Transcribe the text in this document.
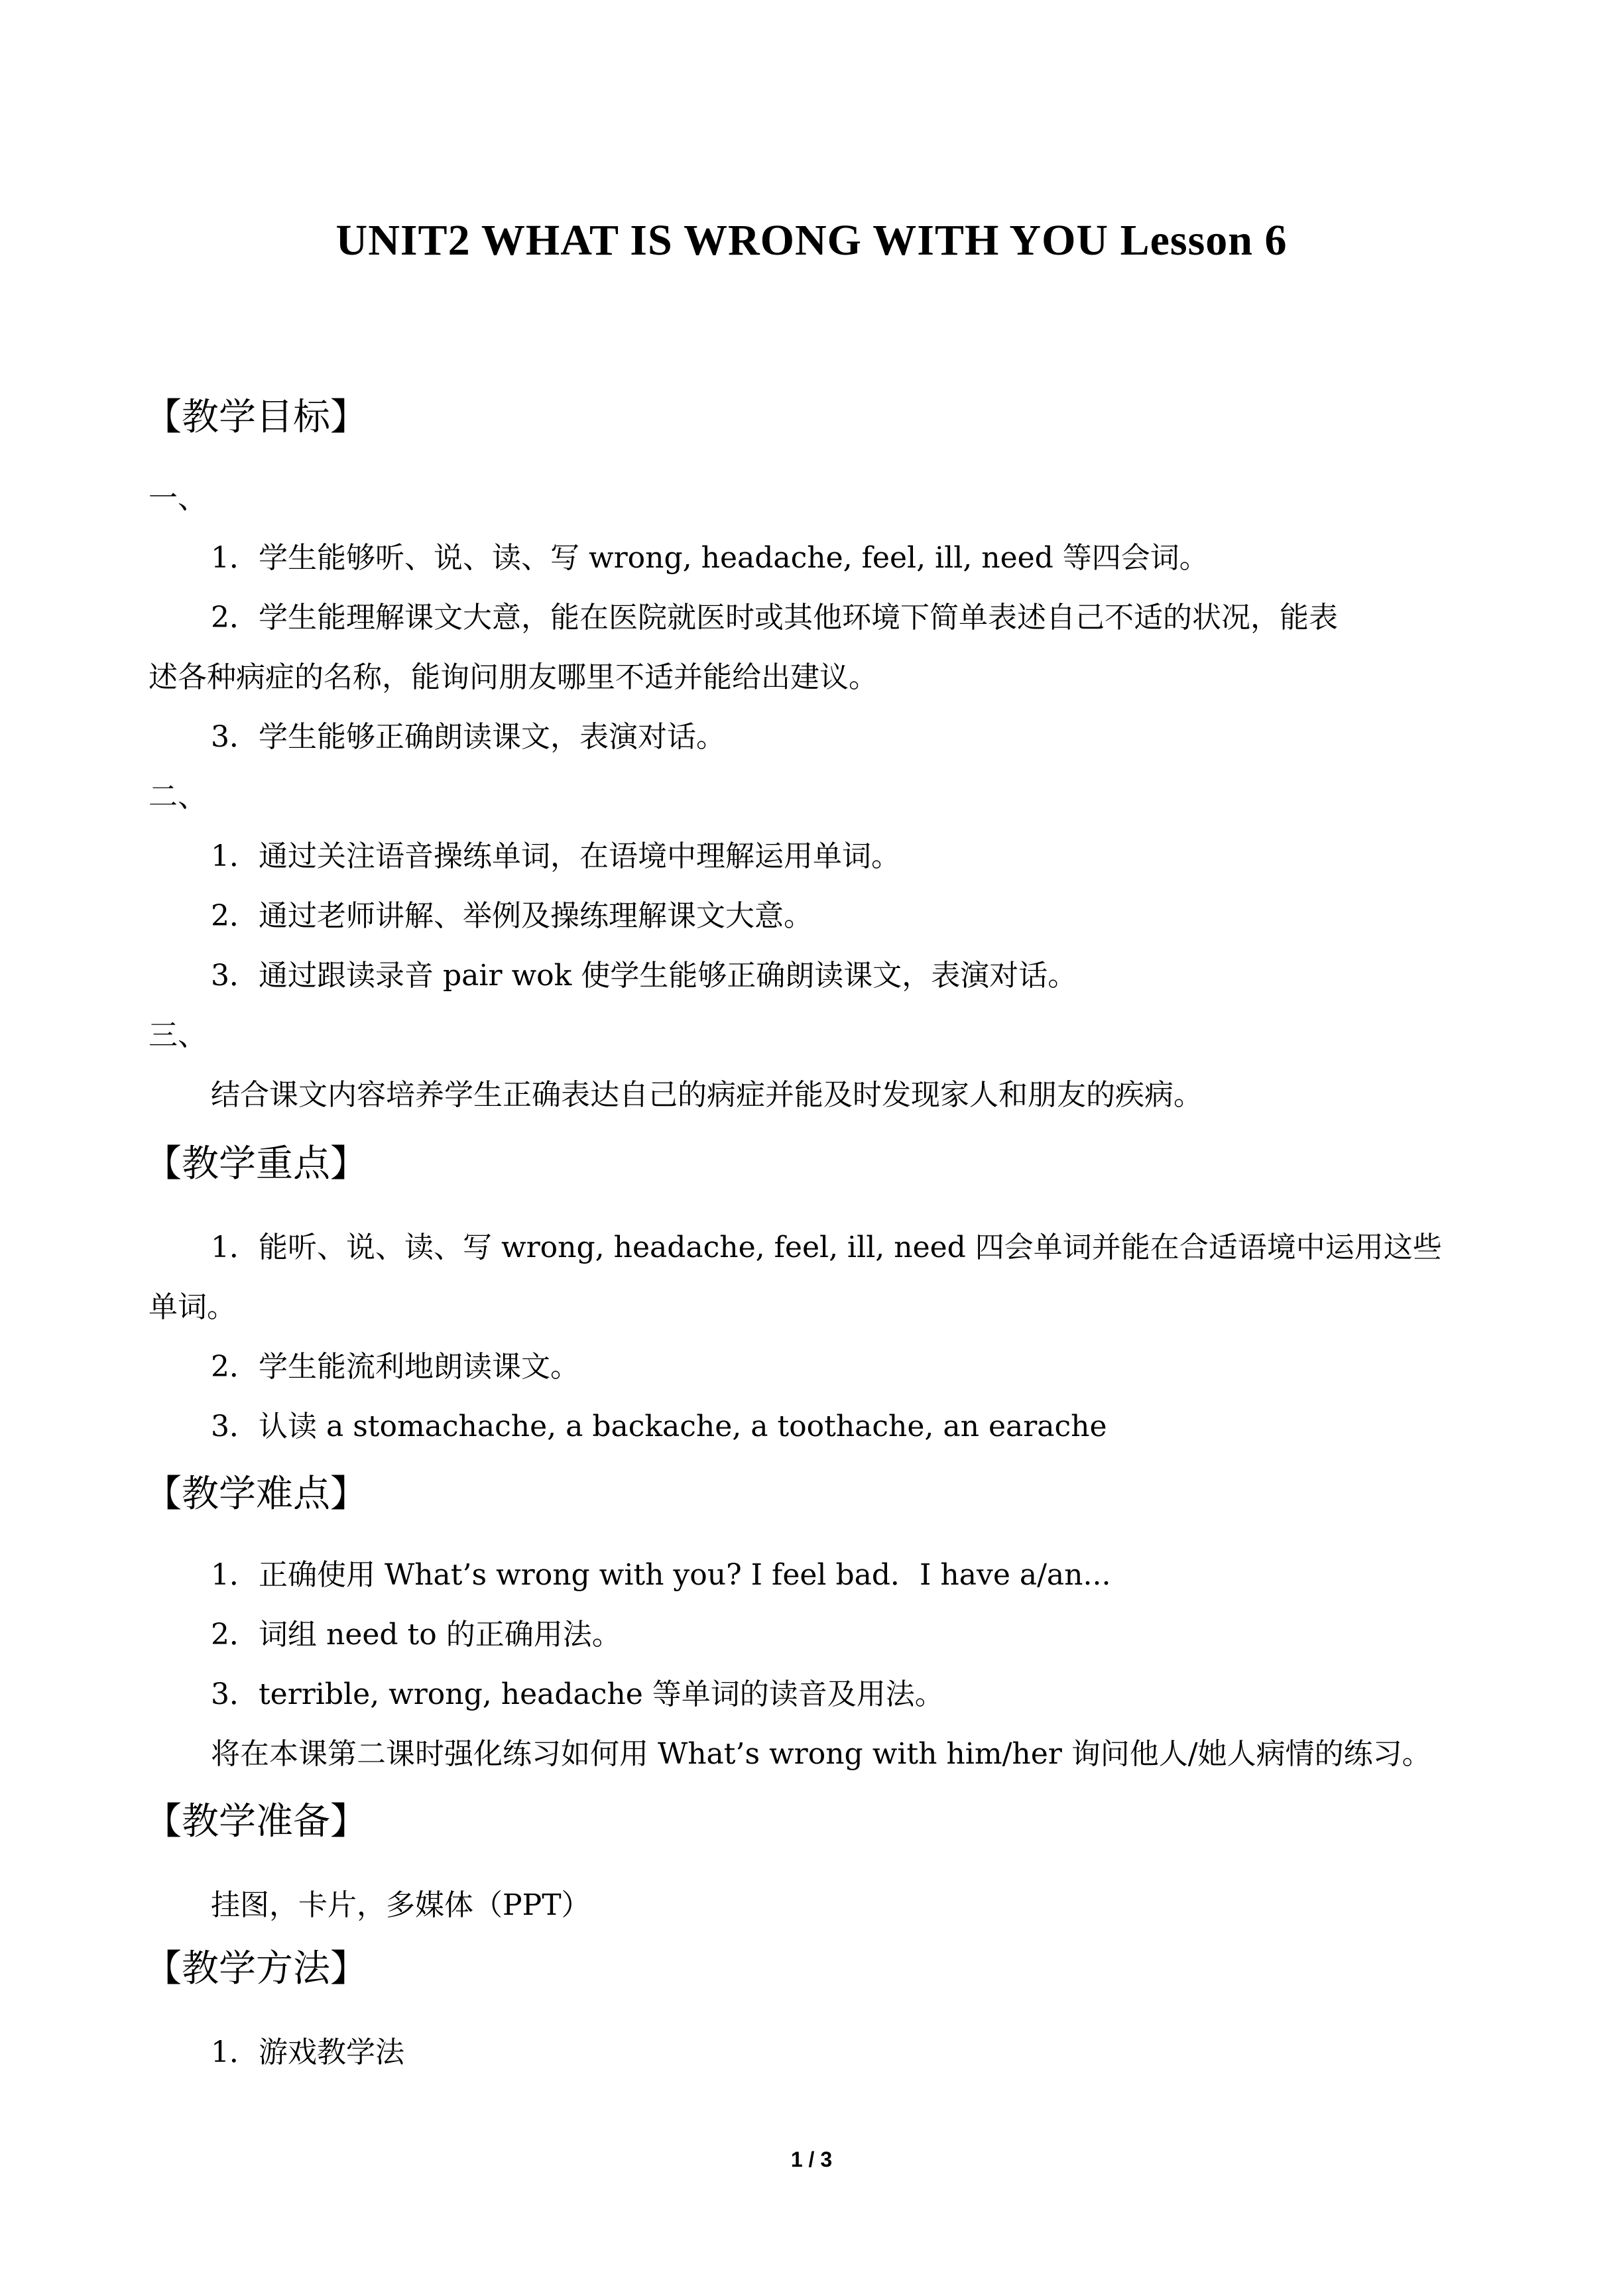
UNIT2 WHAT IS WRONG WITH YOU Lesson 6
【教学目标】
一、
1．学生能够听、说、读、写 wrong, headache, feel, ill, need 等四会词。
2．学生能理解课文大意，能在医院就医时或其他环境下简单表述自己不适的状况，能表
述各种病症的名称，能询问朋友哪里不适并能给出建议。
3．学生能够正确朗读课文，表演对话。
二、
1．通过关注语音操练单词，在语境中理解运用单词。
2．通过老师讲解、举例及操练理解课文大意。
3．通过跟读录音 pair wok 使学生能够正确朗读课文，表演对话。
三、
结合课文内容培养学生正确表达自己的病症并能及时发现家人和朋友的疾病。
【教学重点】
1．能听、说、读、写 wrong, headache, feel, ill, need 四会单词并能在合适语境中运用这些
单词。
2．学生能流利地朗读课文。
3．认读 a stomachache, a backache, a toothache, an earache
【教学难点】
1．正确使用 What’s wrong with you? I feel bad．I have a/an...
2．词组 need to 的正确用法。
3．terrible, wrong, headache 等单词的读音及用法。
将在本课第二课时强化练习如何用 What’s wrong with him/her 询问他人/她人病情的练习。
【教学准备】
挂图，卡片，多媒体（PPT）
【教学方法】
1．游戏教学法
1 / 3
